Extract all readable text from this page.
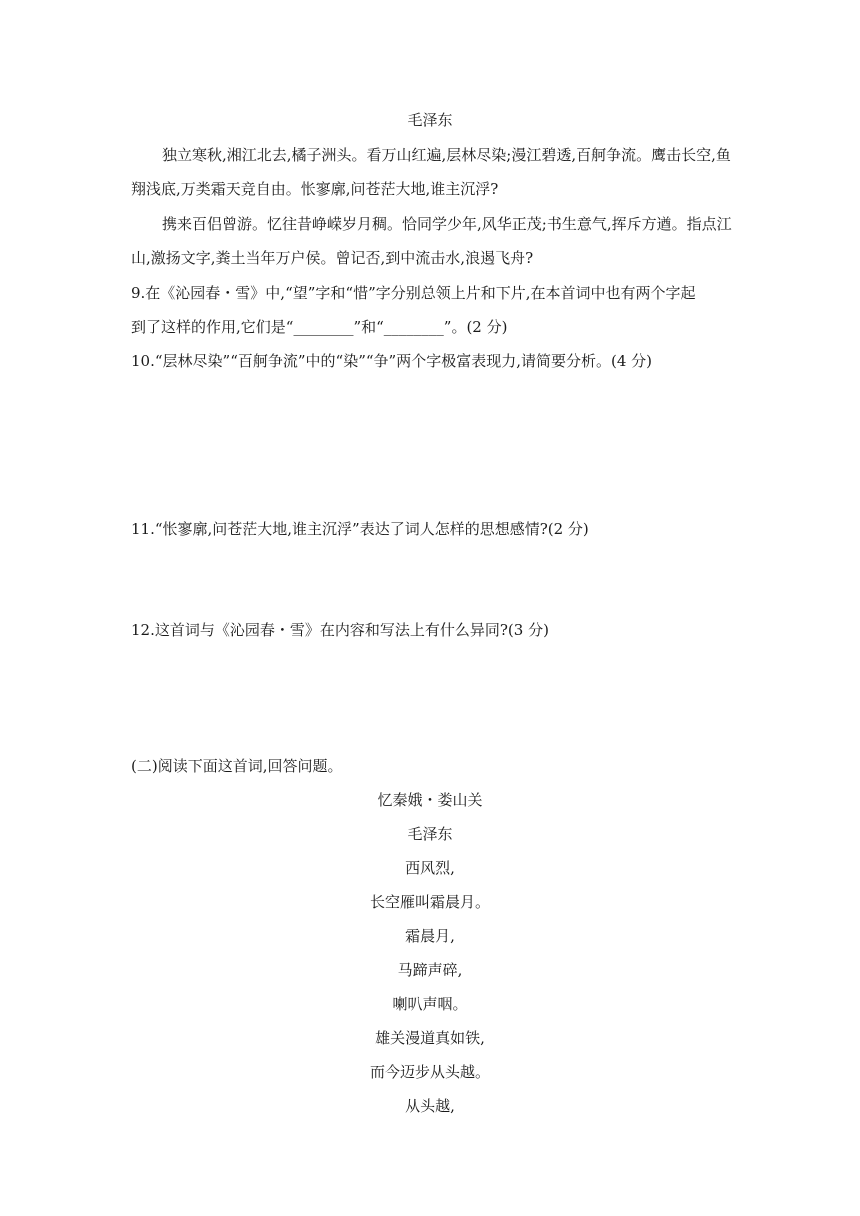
毛泽东
独立寒秋,湘江北去,橘子洲头。看万山红遍,层林尽染;漫江碧透,百舸争流。鹰击长空,鱼
翔浅底,万类霜天竞自由。怅寥廓,问苍茫大地,谁主沉浮?
携来百侣曾游。忆往昔峥嵘岁月稠。恰同学少年,风华正茂;书生意气,挥斥方遒。指点江
山,激扬文字,粪土当年万户侯。曾记否,到中流击水,浪遏飞舟?
9.在《沁园春・雪》中,“望”字和“惜”字分别总领上片和下片,在本首词中也有两个字起
到了这样的作用,它们是“________”和“________”。(2 分)
10.“层林尽染”“百舸争流”中的“染”“争”两个字极富表现力,请简要分析。(4 分)
11.“怅寥廓,问苍茫大地,谁主沉浮”表达了词人怎样的思想感情?(2 分)
12.这首词与《沁园春・雪》在内容和写法上有什么异同?(3 分)
(二)阅读下面这首词,回答问题。
忆秦娥・娄山关
毛泽东
西风烈,
长空雁叫霜晨月。
霜晨月,
马蹄声碎,
喇叭声咽。
雄关漫道真如铁,
而今迈步从头越。
从头越,
